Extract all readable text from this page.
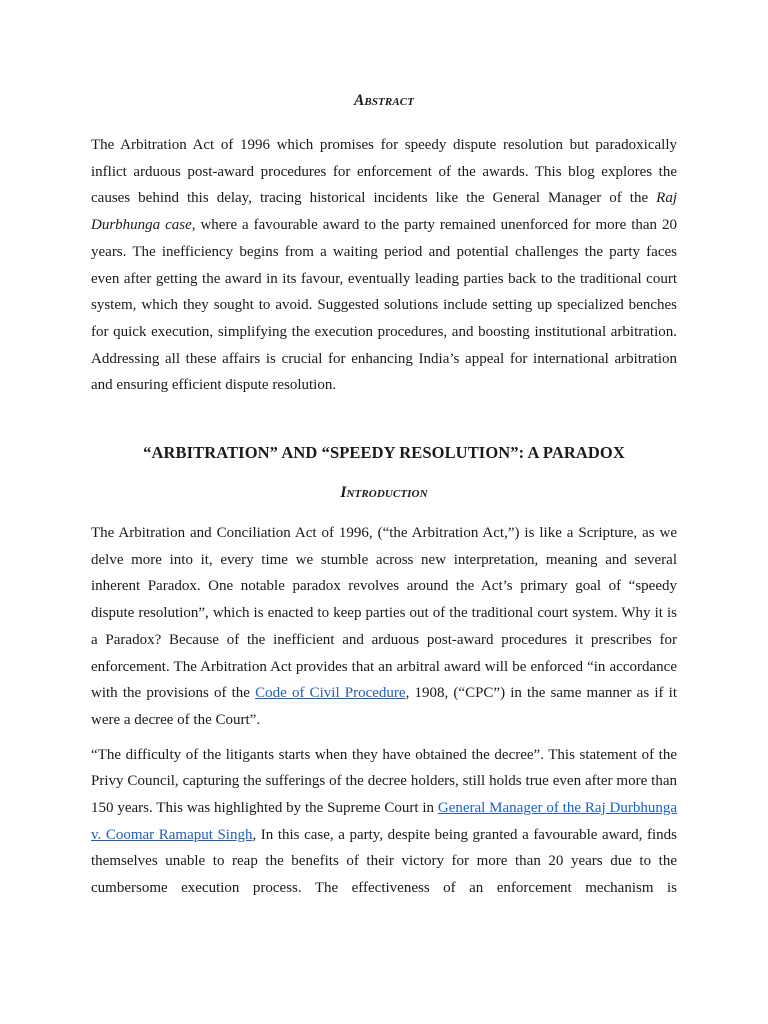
Abstract

The Arbitration Act of 1996 which promises for speedy dispute resolution but paradoxically inflict arduous post-award procedures for enforcement of the awards. This blog explores the causes behind this delay, tracing historical incidents like the General Manager of the Raj Durbhunga case, where a favourable award to the party remained unenforced for more than 20 years. The inefficiency begins from a waiting period and potential challenges the party faces even after getting the award in its favour, eventually leading parties back to the traditional court system, which they sought to avoid. Suggested solutions include setting up specialized benches for quick execution, simplifying the execution procedures, and boosting institutional arbitration. Addressing all these affairs is crucial for enhancing India’s appeal for international arbitration and ensuring efficient dispute resolution.

“ARBITRATION” AND “SPEEDY RESOLUTION”: A PARADOX
Introduction

The Arbitration and Conciliation Act of 1996, (“the Arbitration Act,”) is like a Scripture, as we delve more into it, every time we stumble across new interpretation, meaning and several inherent Paradox. One notable paradox revolves around the Act’s primary goal of “speedy dispute resolution”, which is enacted to keep parties out of the traditional court system. Why it is a Paradox? Because of the inefficient and arduous post-award procedures it prescribes for enforcement. The Arbitration Act provides that an arbitral award will be enforced “in accordance with the provisions of the Code of Civil Procedure, 1908, (“CPC”) in the same manner as if it were a decree of the Court”.

“The difficulty of the litigants starts when they have obtained the decree”. This statement of the Privy Council, capturing the sufferings of the decree holders, still holds true even after more than 150 years. This was highlighted by the Supreme Court in General Manager of the Raj Durbhunga v. Coomar Ramaput Singh, In this case, a party, despite being granted a favourable award, finds themselves unable to reap the benefits of their victory for more than 20 years due to the cumbersome execution process. The effectiveness of an enforcement mechanism is
